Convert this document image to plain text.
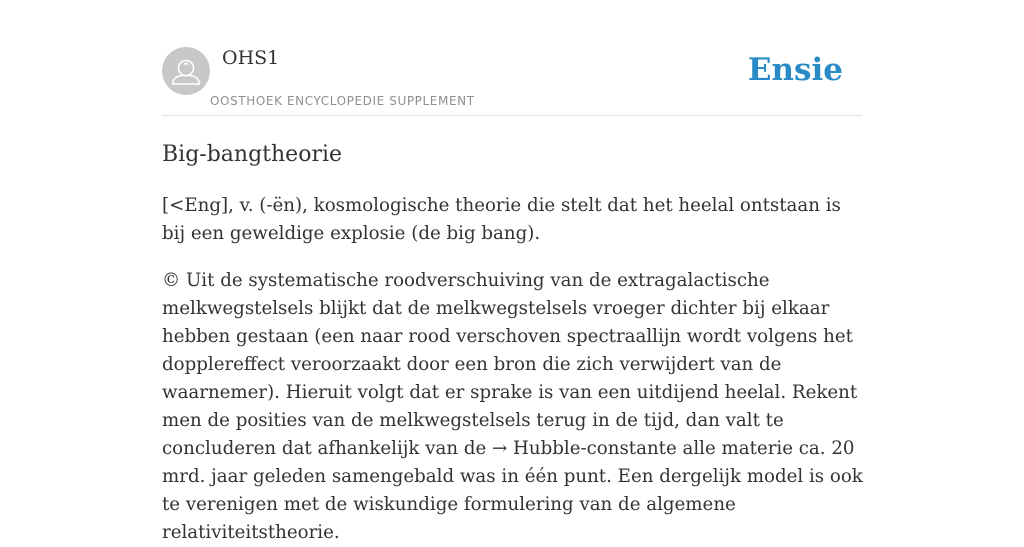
OHS1
OOSTHOEK ENCYCLOPEDIE SUPPLEMENT
Ensie
Big-bangtheorie

[<Eng], v. (-ën), kosmologische theorie die stelt dat het heelal ontstaan is bij een geweldige explosie (de big bang).

© Uit de systematische roodverschuiving van de extragalactische melkwegstelsels blijkt dat de melkwegstelsels vroeger dichter bij elkaar hebben gestaan (een naar rood verschoven spectraallijn wordt volgens het dopplereffect veroorzaakt door een bron die zich verwijdert van de waarnemer). Hieruit volgt dat er sprake is van een uitdijend heelal. Rekent men de posities van de melkwegstelsels terug in de tijd, dan valt te concluderen dat afhankelijk van de → Hubble-constante alle materie ca. 20 mrd. jaar geleden samengebald was in één punt. Een dergelijk model is ook te verenigen met de wiskundige formulering van de algemene relativiteitstheorie.
